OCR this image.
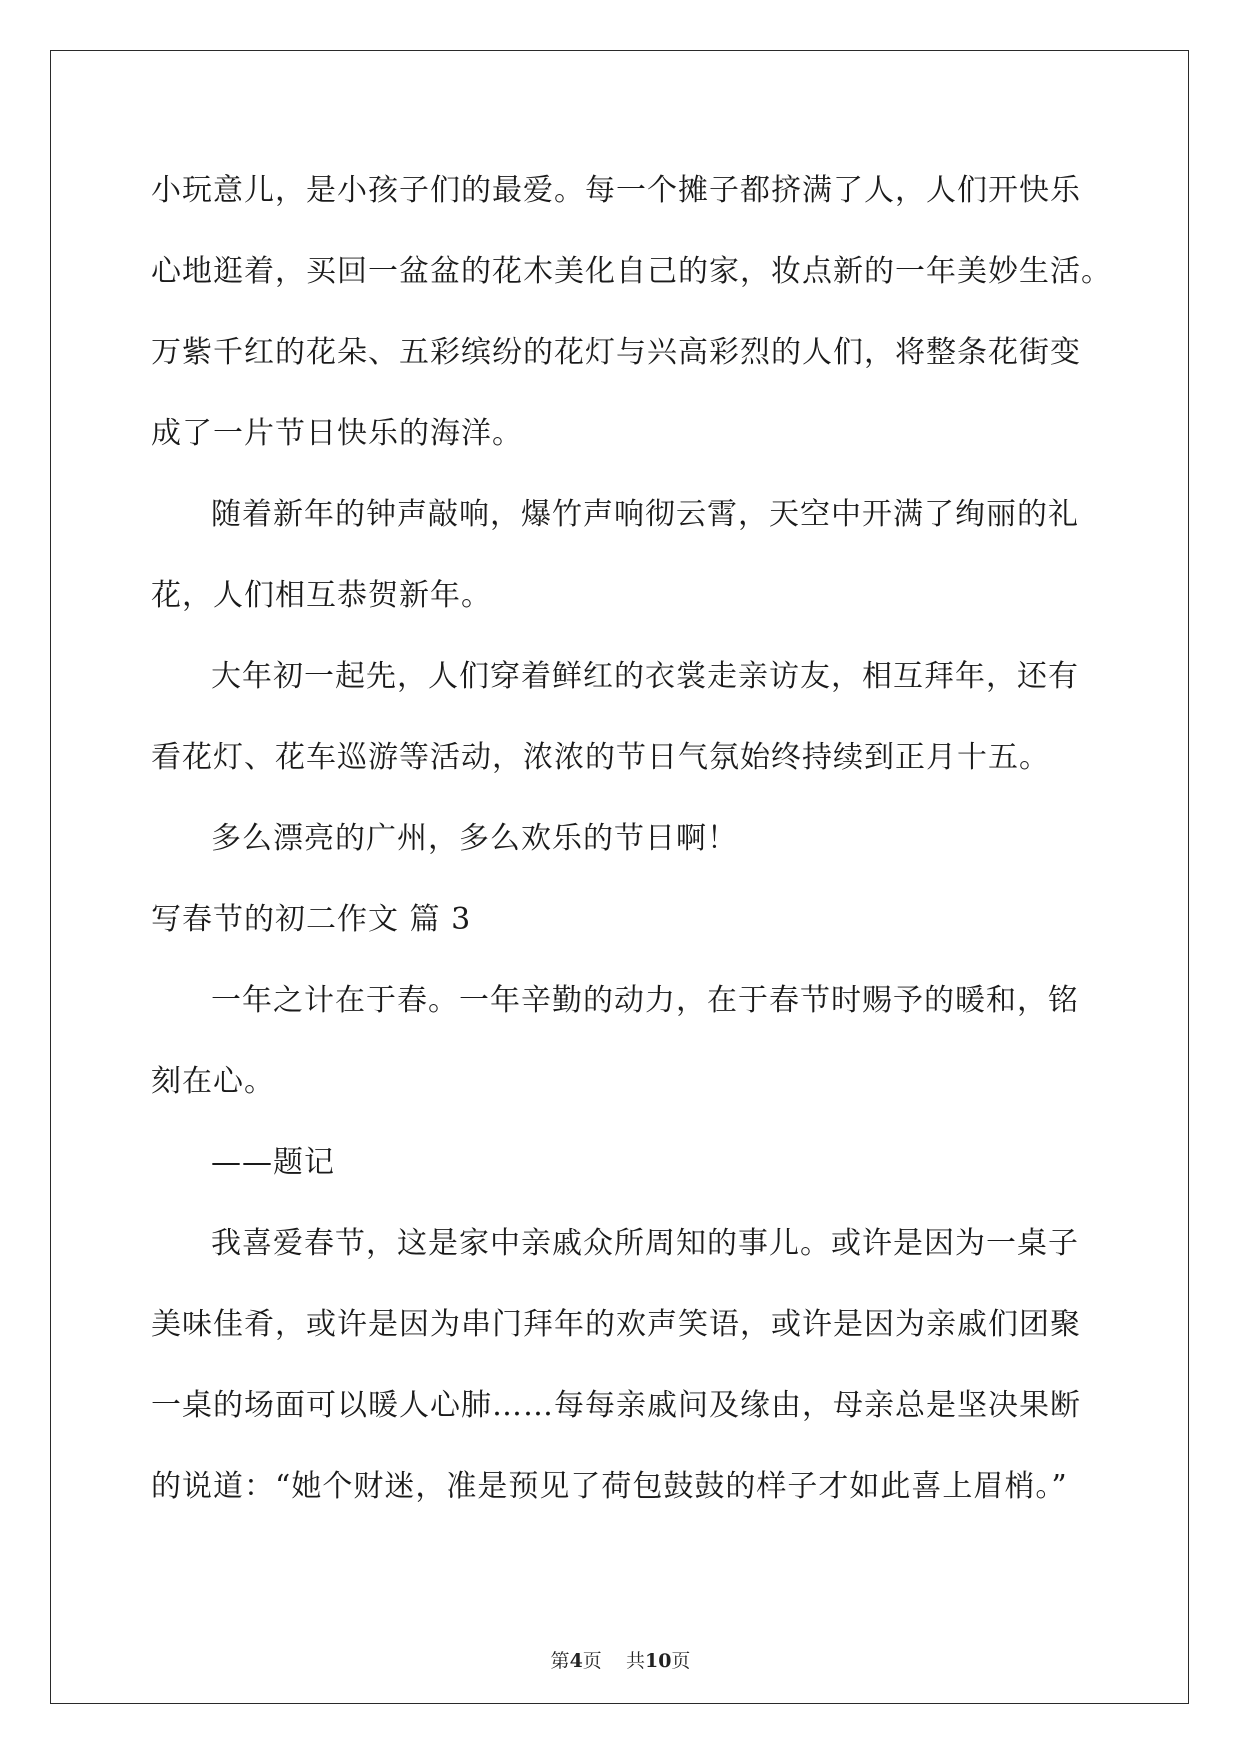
小玩意儿，是小孩子们的最爱。每一个摊子都挤满了人，人们开快乐
心地逛着，买回一盆盆的花木美化自己的家，妆点新的一年美妙生活。
万紫千红的花朵、五彩缤纷的花灯与兴高彩烈的人们，将整条花街变
成了一片节日快乐的海洋。
随着新年的钟声敲响，爆竹声响彻云霄，天空中开满了绚丽的礼
花，人们相互恭贺新年。
大年初一起先，人们穿着鲜红的衣裳走亲访友，相互拜年，还有
看花灯、花车巡游等活动，浓浓的节日气氛始终持续到正月十五。
多么漂亮的广州，多么欢乐的节日啊！
写春节的初二作文 篇 3
一年之计在于春。一年辛勤的动力，在于春节时赐予的暖和，铭
刻在心。
——题记
我喜爱春节，这是家中亲戚众所周知的事儿。或许是因为一桌子
美味佳肴，或许是因为串门拜年的欢声笑语，或许是因为亲戚们团聚
一桌的场面可以暖人心肺……每每亲戚问及缘由，母亲总是坚决果断
的说道：“她个财迷，准是预见了荷包鼓鼓的样子才如此喜上眉梢。”
第4页    共10页
